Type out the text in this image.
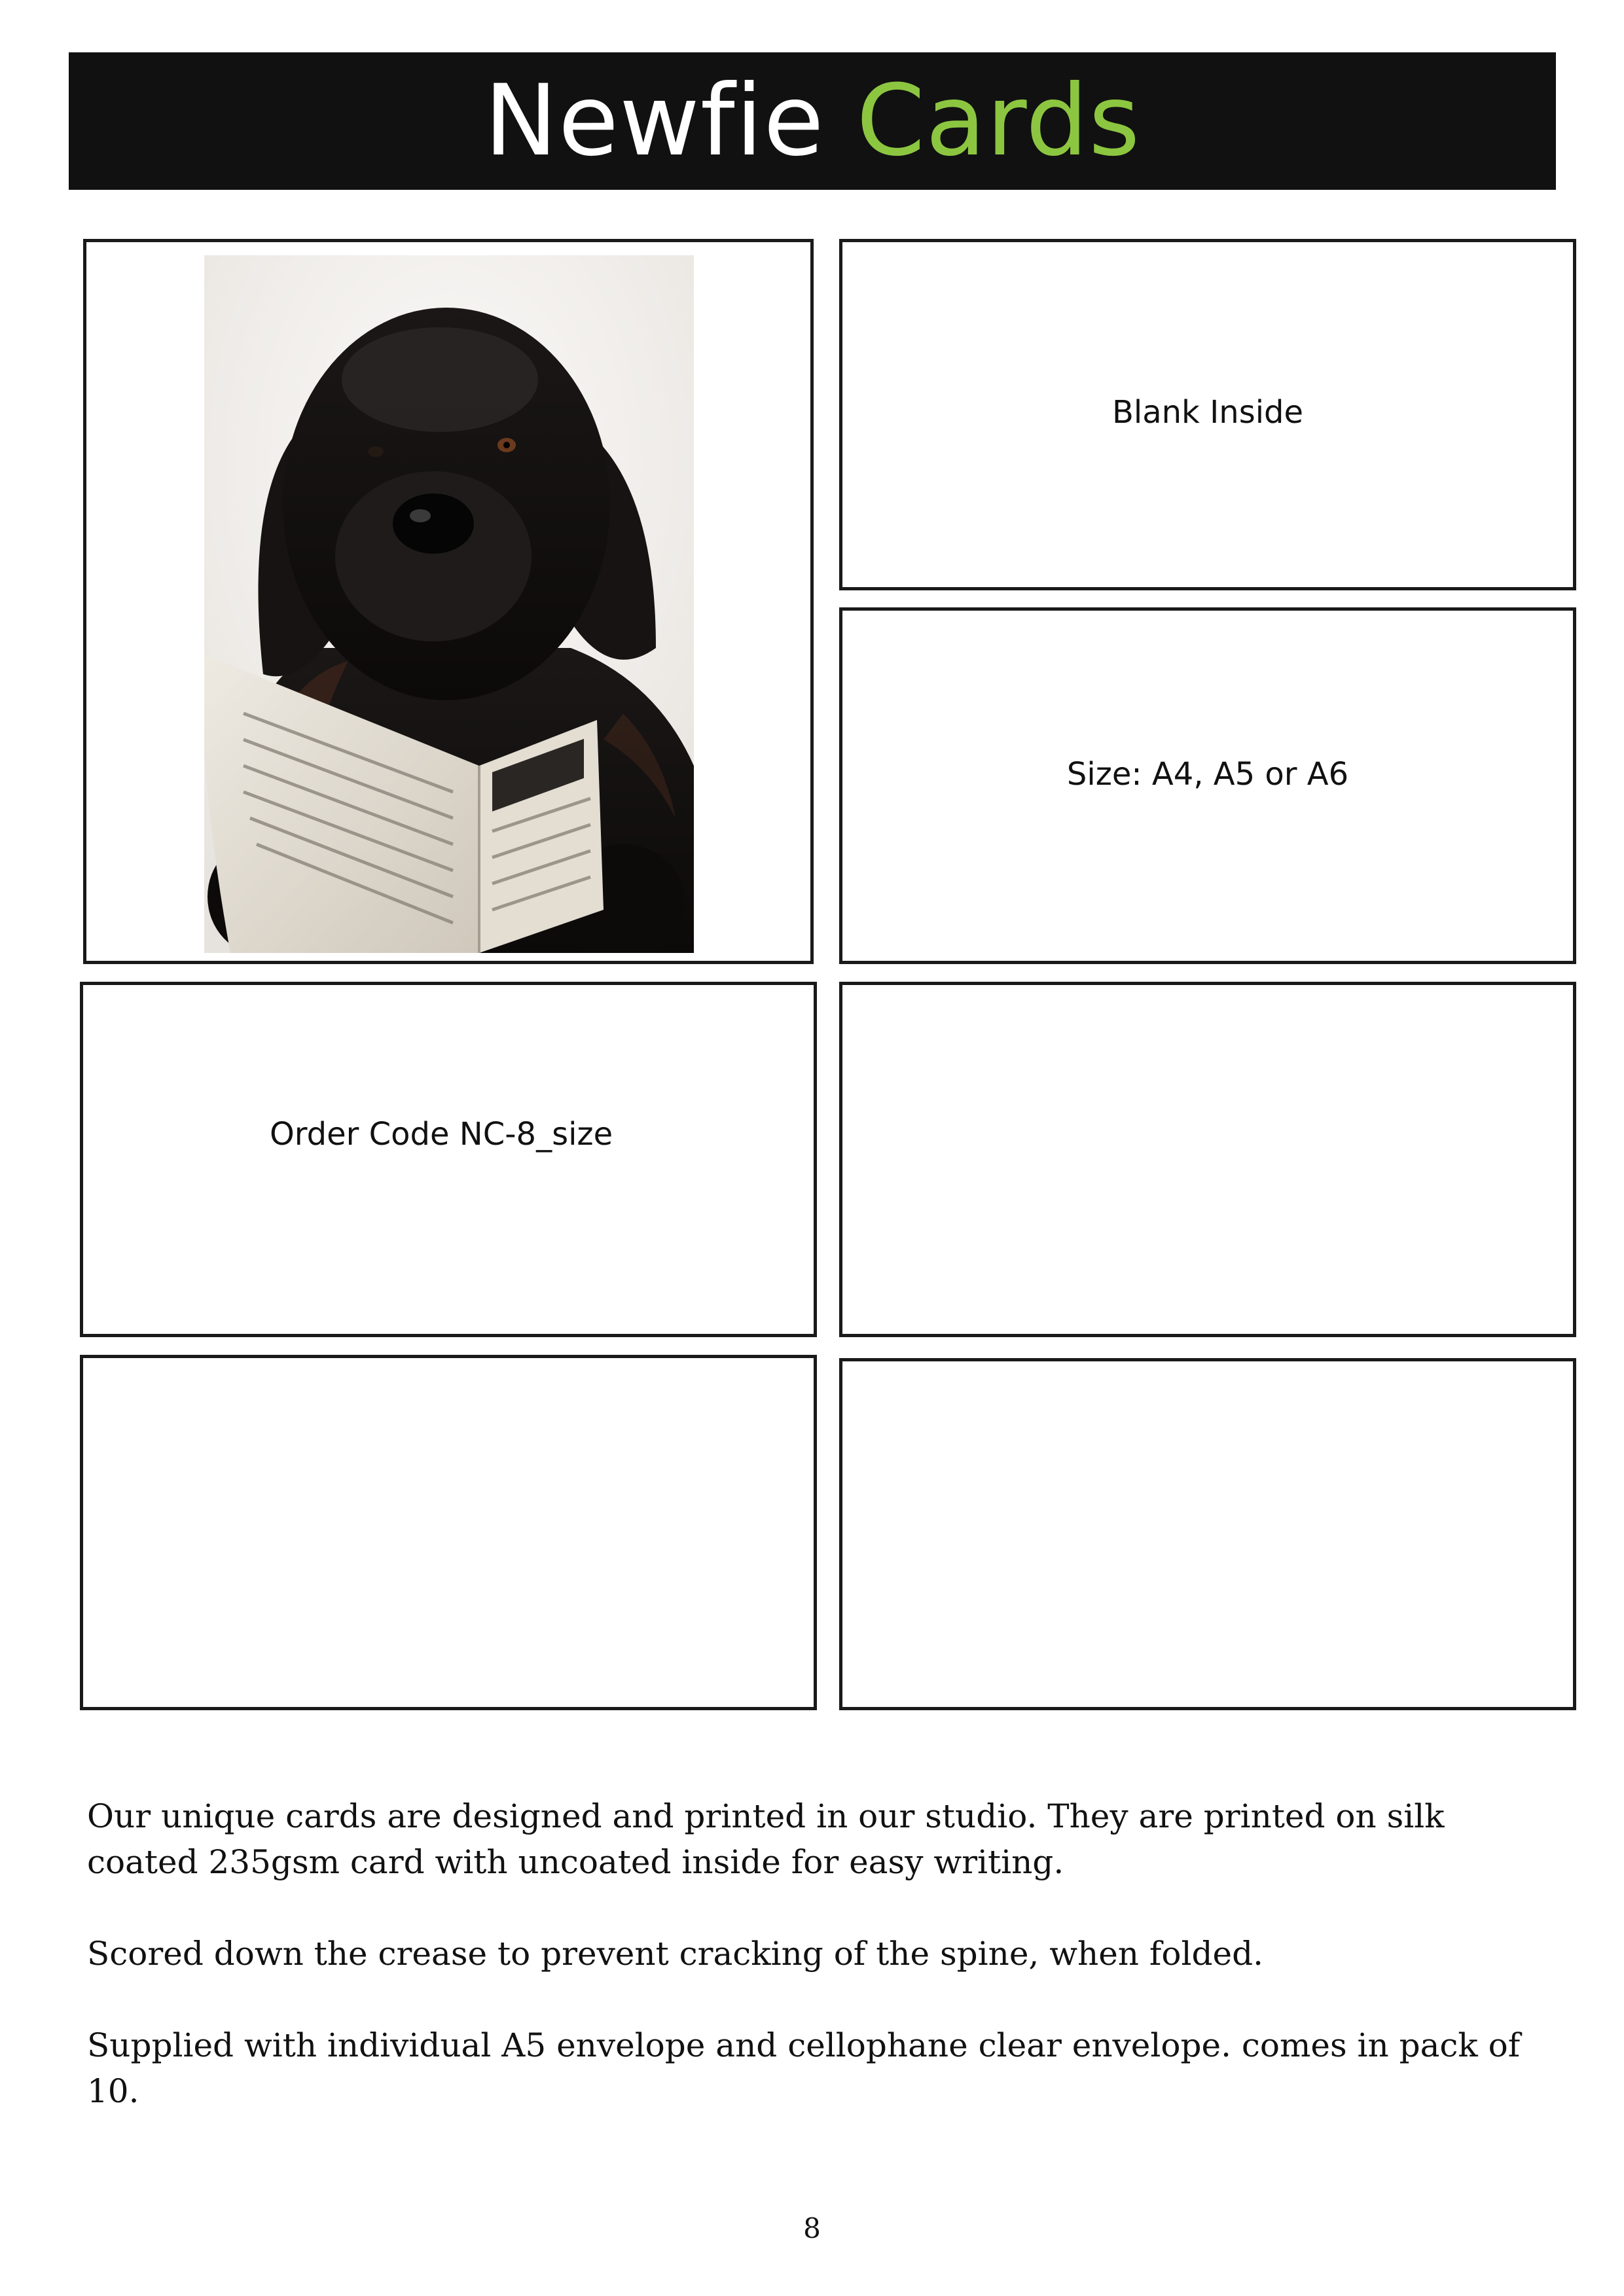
Newfie Cards
Blank Inside
Size: A4, A5 or A6
Order Code NC-8_size
Our unique cards are designed and printed in our studio. They are printed on silk coated 235gsm card with uncoated inside for easy writing.
Scored down the crease to prevent cracking of the spine, when folded.
Supplied with individual A5 envelope and cellophane clear envelope. comes in pack of 10.
8
